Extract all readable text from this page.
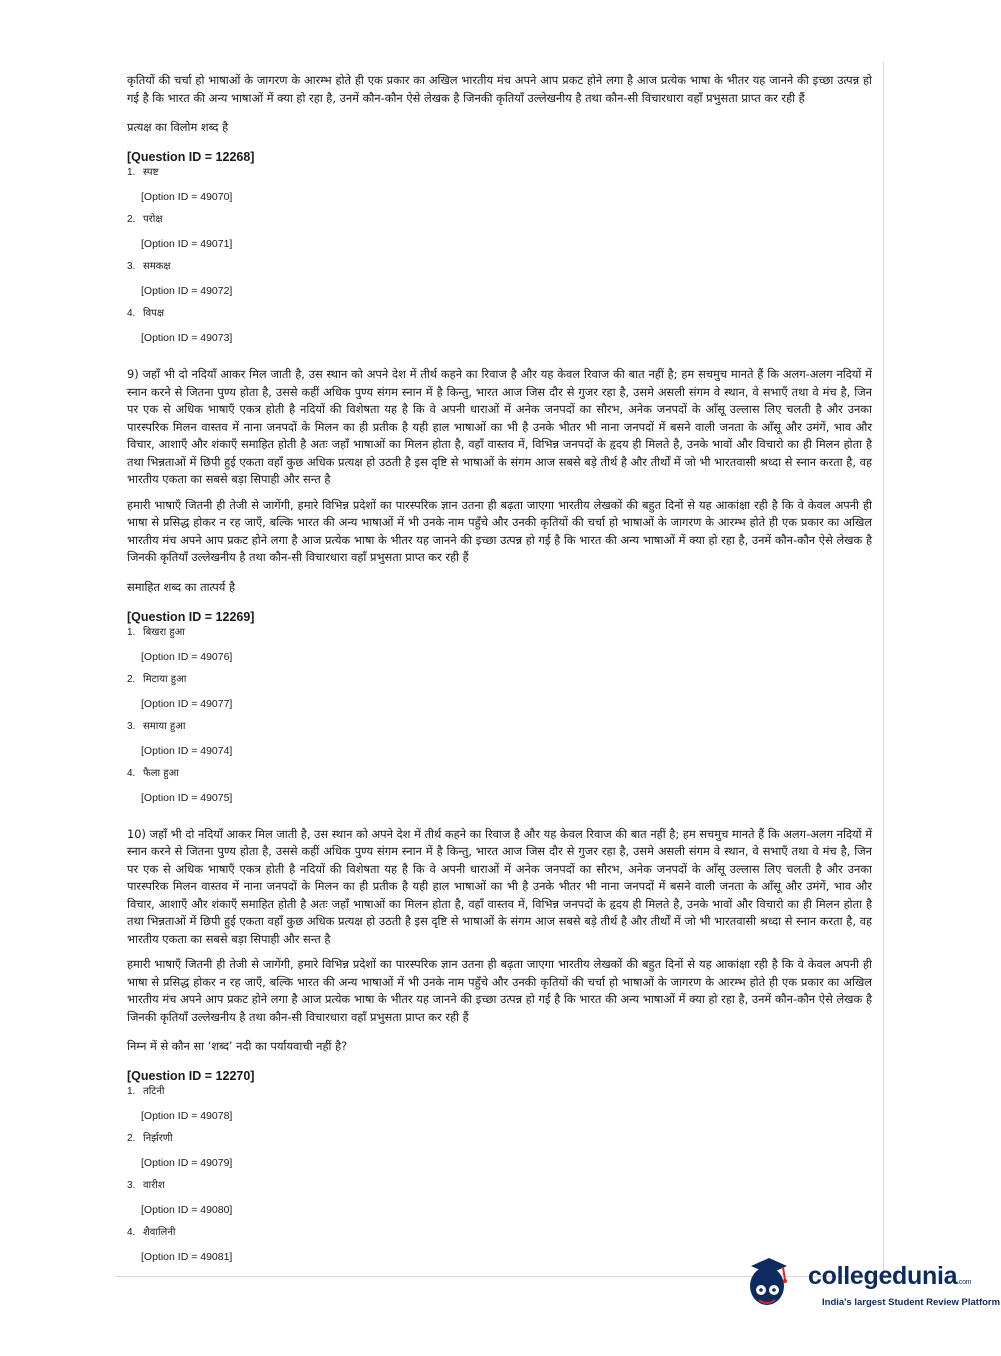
कृतियों की चर्चा हो भाषाओं के जागरण के आरम्भ होते ही एक प्रकार का अखिल भारतीय मंच अपने आप प्रकट होने लगा है आज प्रत्येक भाषा के भीतर यह जानने की इच्छा उत्पन्न हो गई है कि भारत की अन्य भाषाओं में क्या हो रहा है, उनमें कौन-कौन ऐसे लेखक है जिनकी कृतियाँ उल्लेखनीय है तथा कौन-सी विचारधारा वहाँ प्रभुसता प्राप्त कर रही हैं

प्रत्यक्ष का विलोम शब्द है

[Question ID = 12268]

1. स्पष्ट

[Option ID = 49070]

2. परोक्ष

[Option ID = 49071]

3. समकक्ष

[Option ID = 49072]

4. विपक्ष

[Option ID = 49073]

9) जहाँ भी दो नदियाँ आकर मिल जाती है, उस स्थान को अपने देश में तीर्थ कहने का रिवाज है और यह केवल रिवाज की बात नहीं है; हम सचमुच मानते हैं कि अलग-अलग नदियों में स्नान करने से जितना पुण्य होता है, उससे कहीं अधिक पुण्य संगम स्नान में है किन्तु, भारत आज जिस दौर से गुजर रहा है, उसमे असली संगम वे स्थान, वे सभाएँ तथा वे मंच है, जिन पर एक से अधिक भाषाएँ एकत्र होती है नदियों की विशेषता यह है कि वे अपनी धाराओं में अनेक जनपदों का सौरभ, अनेक जनपदों के आँसू उल्लास लिए चलती है और उनका पारस्परिक मिलन वास्तव में नाना जनपदों के मिलन का ही प्रतीक है यही हाल भाषाओं का भी है उनके भीतर भी नाना जनपदों में बसने वाली जनता के आँसू और उमंगें, भाव और विचार, आशाएँ और शंकाएँ समाहित होती है अतः जहाँ भाषाओं का मिलन होता है, वहाँ वास्तव में, विभिन्न जनपदों के हृदय ही मिलते है, उनके भावों और विचारो का ही मिलन होता है तथा भिन्नताओं में छिपी हुई एकता वहाँ कुछ अधिक प्रत्यक्ष हो उठती है इस दृष्टि से भाषाओं के संगम आज सबसे बड़े तीर्थ है और तीर्थों में जो भी भारतवासी श्रध्दा से स्नान करता है, वह भारतीय एकता का सबसे बड़ा सिपाही और सन्त है

हमारी भाषाएँ जितनी ही तेजी से जागेंगी, हमारे विभिन्न प्रदेशों का पारस्परिक ज्ञान उतना ही बढ़ता जाएगा भारतीय लेखकों की बहुत दिनों से यह आकांक्षा रही है कि वे केवल अपनी ही भाषा से प्रसिद्ध होकर न रह जाएँ, बल्कि भारत की अन्य भाषाओं में भी उनके नाम पहुँचे और उनकी कृतियों की चर्चा हो भाषाओं के जागरण के आरम्भ होते ही एक प्रकार का अखिल भारतीय मंच अपने आप प्रकट होने लगा है आज प्रत्येक भाषा के भीतर यह जानने की इच्छा उत्पन्न हो गई है कि भारत की अन्य भाषाओं में क्या हो रहा है, उनमें कौन-कौन ऐसे लेखक है जिनकी कृतियाँ उल्लेखनीय है तथा कौन-सी विचारधारा वहाँ प्रभुसता प्राप्त कर रही हैं

समाहित शब्द का तात्पर्य है

[Question ID = 12269]

1. बिखरा हुआ

[Option ID = 49076]

2. मिटाया हुआ

[Option ID = 49077]

3. समाया हुआ

[Option ID = 49074]

4. फैला हुआ

[Option ID = 49075]

10) जहाँ भी दो नदियाँ आकर मिल जाती है, उस स्थान को अपने देश में तीर्थ कहने का रिवाज है और यह केवल रिवाज की बात नहीं है; हम सचमुच मानते हैं कि अलग-अलग नदियों में स्नान करने से जितना पुण्य होता है, उससे कहीं अधिक पुण्य संगम स्नान में है किन्तु, भारत आज जिस दौर से गुजर रहा है, उसमे असली संगम वे स्थान, वे सभाएँ तथा वे मंच है, जिन पर एक से अधिक भाषाएँ एकत्र होती है नदियों की विशेषता यह है कि वे अपनी धाराओं में अनेक जनपदों का सौरभ, अनेक जनपदों के आँसू उल्लास लिए चलती है और उनका पारस्परिक मिलन वास्तव में नाना जनपदों के मिलन का ही प्रतीक है यही हाल भाषाओं का भी है उनके भीतर भी नाना जनपदों में बसने वाली जनता के आँसू और उमंगें, भाव और विचार, आशाएँ और शंकाएँ समाहित होती है अतः जहाँ भाषाओं का मिलन होता है, वहाँ वास्तव में, विभिन्न जनपदों के हृदय ही मिलते है, उनके भावों और विचारो का ही मिलन होता है तथा भिन्नताओं में छिपी हुई एकता वहाँ कुछ अधिक प्रत्यक्ष हो उठती है इस दृष्टि से भाषाओं के संगम आज सबसे बड़े तीर्थ है और तीर्थों में जो भी भारतवासी श्रध्दा से स्नान करता है, वह भारतीय एकता का सबसे बड़ा सिपाही और सन्त है

हमारी भाषाएँ जितनी ही तेजी से जागेंगी, हमारे विभिन्न प्रदेशों का पारस्परिक ज्ञान उतना ही बढ़ता जाएगा भारतीय लेखकों की बहुत दिनों से यह आकांक्षा रही है कि वे केवल अपनी ही भाषा से प्रसिद्ध होकर न रह जाएँ, बल्कि भारत की अन्य भाषाओं में भी उनके नाम पहुँचे और उनकी कृतियों की चर्चा हो भाषाओं के जागरण के आरम्भ होते ही एक प्रकार का अखिल भारतीय मंच अपने आप प्रकट होने लगा है आज प्रत्येक भाषा के भीतर यह जानने की इच्छा उत्पन्न हो गई है कि भारत की अन्य भाषाओं में क्या हो रहा है, उनमें कौन-कौन ऐसे लेखक है जिनकी कृतियाँ उल्लेखनीय है तथा कौन-सी विचारधारा वहाँ प्रभुसता प्राप्त कर रही हैं

निम्न में से कौन सा ‘शब्द’ नदी का पर्यायवाची नहीं है?

[Question ID = 12270]

1. तटिनी

[Option ID = 49078]

2. निर्झरणी

[Option ID = 49079]

3. वारीश

[Option ID = 49080]

4. शैवालिनी

[Option ID = 49081]

collegedunia.com
India's largest Student Review Platform
